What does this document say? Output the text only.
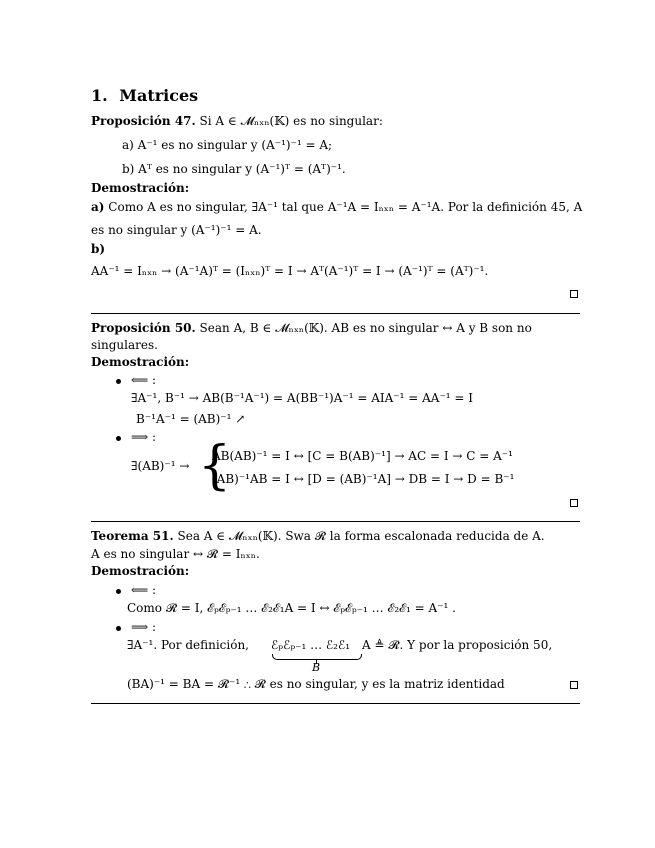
1. Matrices
Proposición 47. Si A ∈ 𝓜ₙₓₙ(𝕂) es no singular:
a) A⁻¹ es no singular y (A⁻¹)⁻¹ = A;
b) Aᵀ es no singular y (A⁻¹)ᵀ = (Aᵀ)⁻¹.
Demostración:
a) Como A es no singular, ∃A⁻¹ tal que A⁻¹A = Iₙₓₙ = A⁻¹A. Por la definición 45, A
es no singular y (A⁻¹)⁻¹ = A.
b)
AA⁻¹ = Iₙₓₙ → (A⁻¹A)ᵀ = (Iₙₓₙ)ᵀ = I → Aᵀ(A⁻¹)ᵀ = I → (A⁻¹)ᵀ = (Aᵀ)⁻¹.
Proposición 50. Sean A, B ∈ 𝓜ₙₓₙ(𝕂). AB es no singular ↔ A y B son no
singulares.
Demostración:
⟸ :
∃A⁻¹, B⁻¹ → AB(B⁻¹A⁻¹) = A(BB⁻¹)A⁻¹ = AIA⁻¹ = AA⁻¹ = I
B⁻¹A⁻¹ = (AB)⁻¹ ↗
⟹ :
∃(AB)⁻¹ → {
AB(AB)⁻¹ = I ↔ [C = B(AB)⁻¹] → AC = I → C = A⁻¹
(AB)⁻¹AB = I ↔ [D = (AB)⁻¹A] → DB = I → D = B⁻¹
Teorema 51. Sea A ∈ 𝓜ₙₓₙ(𝕂). Swa 𝓡 la forma escalonada reducida de A.
A es no singular ↔ 𝓡 = Iₙₓₙ.
Demostración:
⟸ :
Como 𝓡 = I, ℰₚℰₚ₋₁ … ℰ₂ℰ₁A = I ↔ ℰₚℰₚ₋₁ … ℰ₂ℰ₁ = A⁻¹ .
⟹ :
∃A⁻¹. Por definición, ℰₚℰₚ₋₁ … ℰ₂ℰ₁
B
A ≜ 𝓡. Y por la proposición 50,
(BA)⁻¹ = BA = 𝓡⁻¹ ∴ 𝓡 es no singular, y es la matriz identidad
